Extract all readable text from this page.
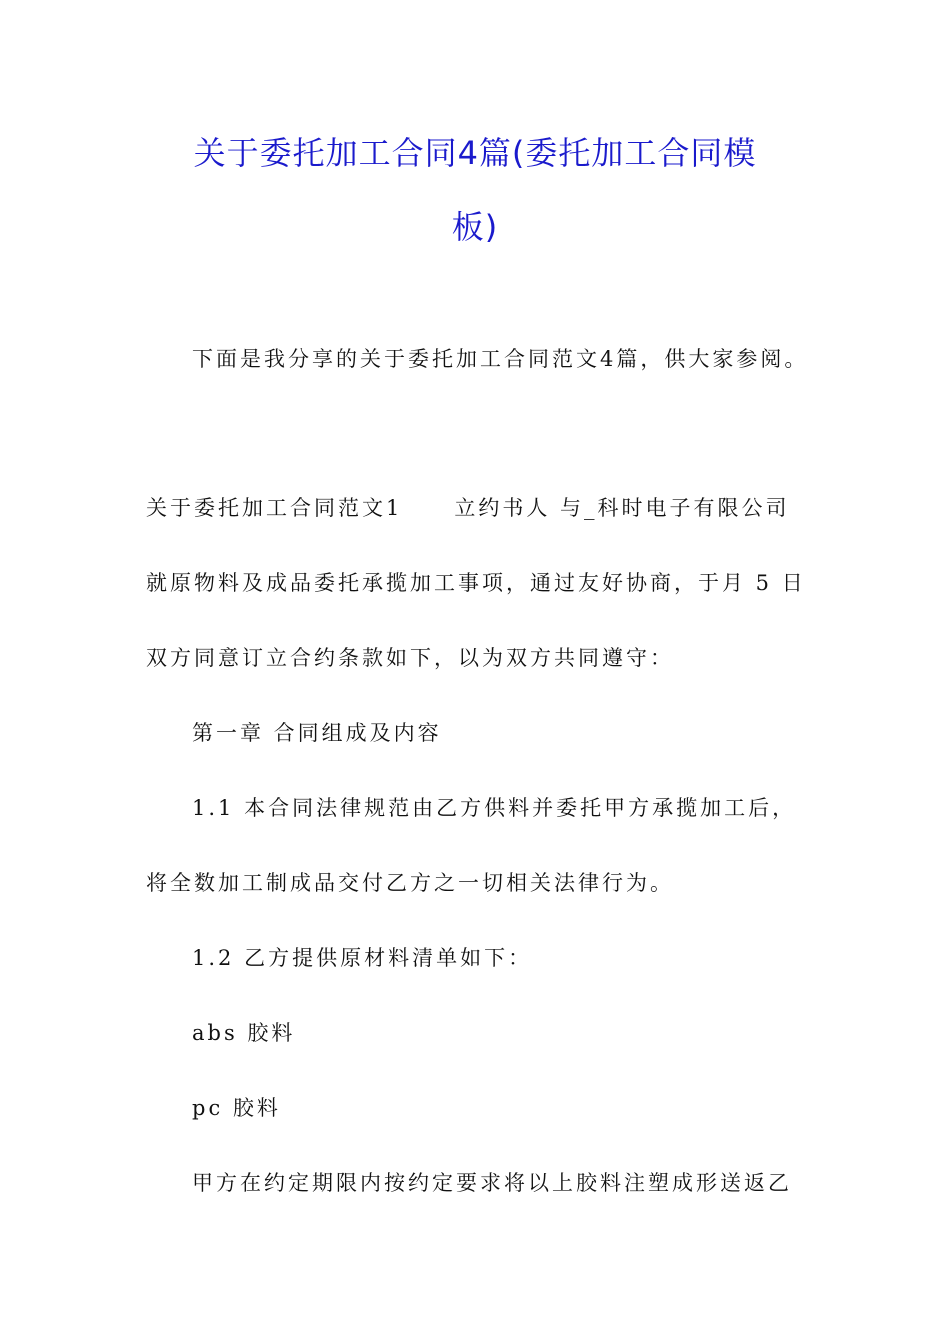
关于委托加工合同4篇(委托加工合同模
板)
下面是我分享的关于委托加工合同范文4篇，供大家参阅。
关于委托加工合同范文1 立约书人 与_科时电子有限公司
就原物料及成品委托承揽加工事项，通过友好协商，于月 5 日
双方同意订立合约条款如下，以为双方共同遵守：
第一章 合同组成及内容
1.1 本合同法律规范由乙方供料并委托甲方承揽加工后，
将全数加工制成品交付乙方之一切相关法律行为。
1.2 乙方提供原材料清单如下：
abs 胶料
pc 胶料
甲方在约定期限内按约定要求将以上胶料注塑成形送返乙
